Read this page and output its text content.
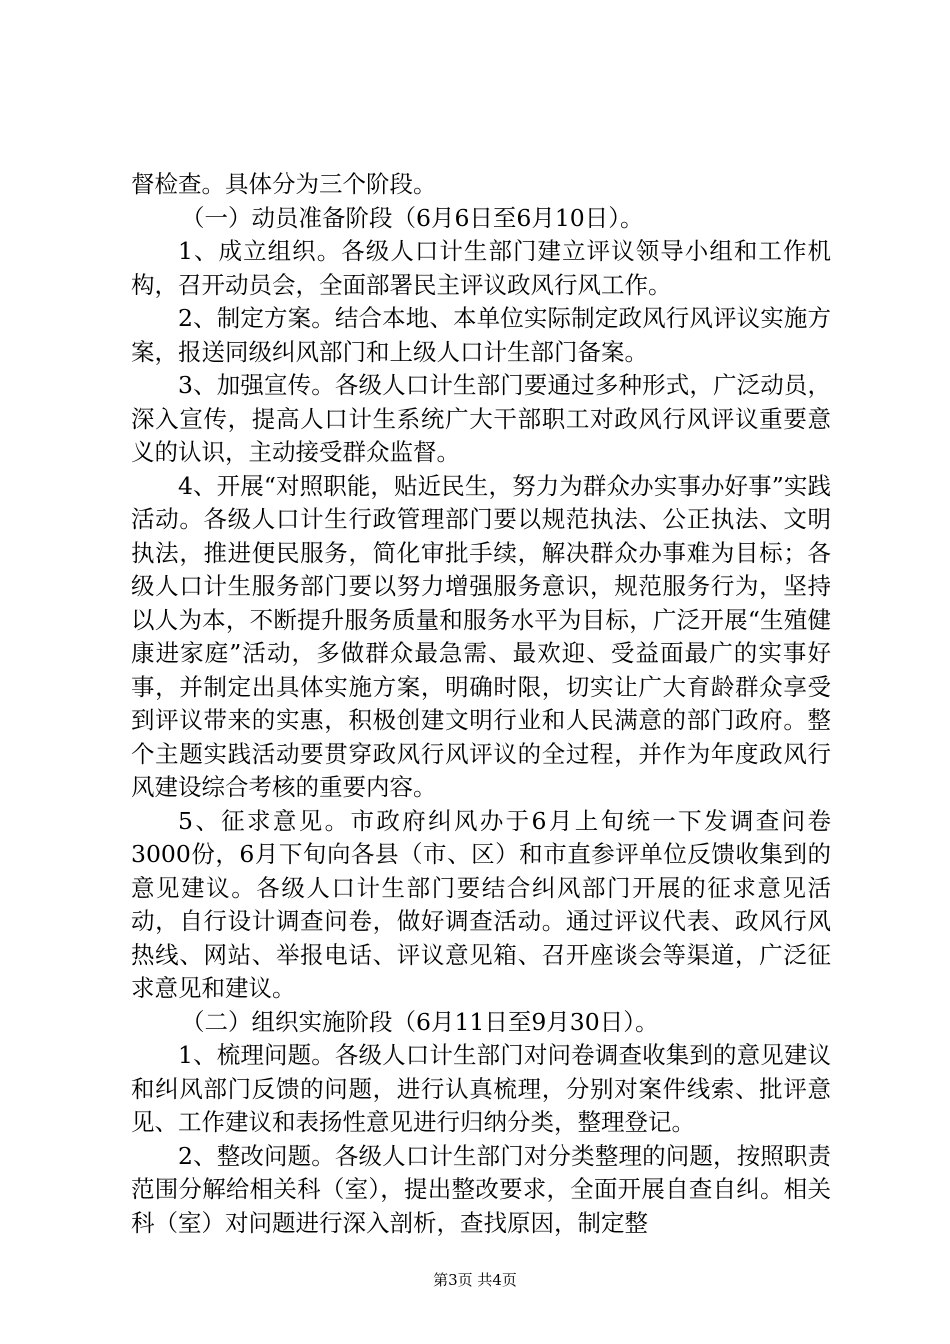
督检查。具体分为三个阶段。

（一）动员准备阶段（6月6日至6月10日）。

1、成立组织。各级人口计生部门建立评议领导小组和工作机构，召开动员会，全面部署民主评议政风行风工作。

2、制定方案。结合本地、本单位实际制定政风行风评议实施方案，报送同级纠风部门和上级人口计生部门备案。

3、加强宣传。各级人口计生部门要通过多种形式，广泛动员，深入宣传，提高人口计生系统广大干部职工对政风行风评议重要意义的认识，主动接受群众监督。

4、开展“对照职能，贴近民生，努力为群众办实事办好事”实践活动。各级人口计生行政管理部门要以规范执法、公正执法、文明执法，推进便民服务，简化审批手续，解决群众办事难为目标；各级人口计生服务部门要以努力增强服务意识，规范服务行为，坚持以人为本，不断提升服务质量和服务水平为目标，广泛开展“生殖健康进家庭”活动，多做群众最急需、最欢迎、受益面最广的实事好事，并制定出具体实施方案，明确时限，切实让广大育龄群众享受到评议带来的实惠，积极创建文明行业和人民满意的部门政府。整个主题实践活动要贯穿政风行风评议的全过程，并作为年度政风行风建设综合考核的重要内容。

5、征求意见。市政府纠风办于6月上旬统一下发调查问卷3000份，6月下旬向各县（市、区）和市直参评单位反馈收集到的意见建议。各级人口计生部门要结合纠风部门开展的征求意见活动，自行设计调查问卷，做好调查活动。通过评议代表、政风行风热线、网站、举报电话、评议意见箱、召开座谈会等渠道，广泛征求意见和建议。

（二）组织实施阶段（6月11日至9月30日）。

1、梳理问题。各级人口计生部门对问卷调查收集到的意见建议和纠风部门反馈的问题，进行认真梳理，分别对案件线索、批评意见、工作建议和表扬性意见进行归纳分类，整理登记。

2、整改问题。各级人口计生部门对分类整理的问题，按照职责范围分解给相关科（室），提出整改要求，全面开展自查自纠。相关科（室）对问题进行深入剖析，查找原因，制定整

第3页 共4页
